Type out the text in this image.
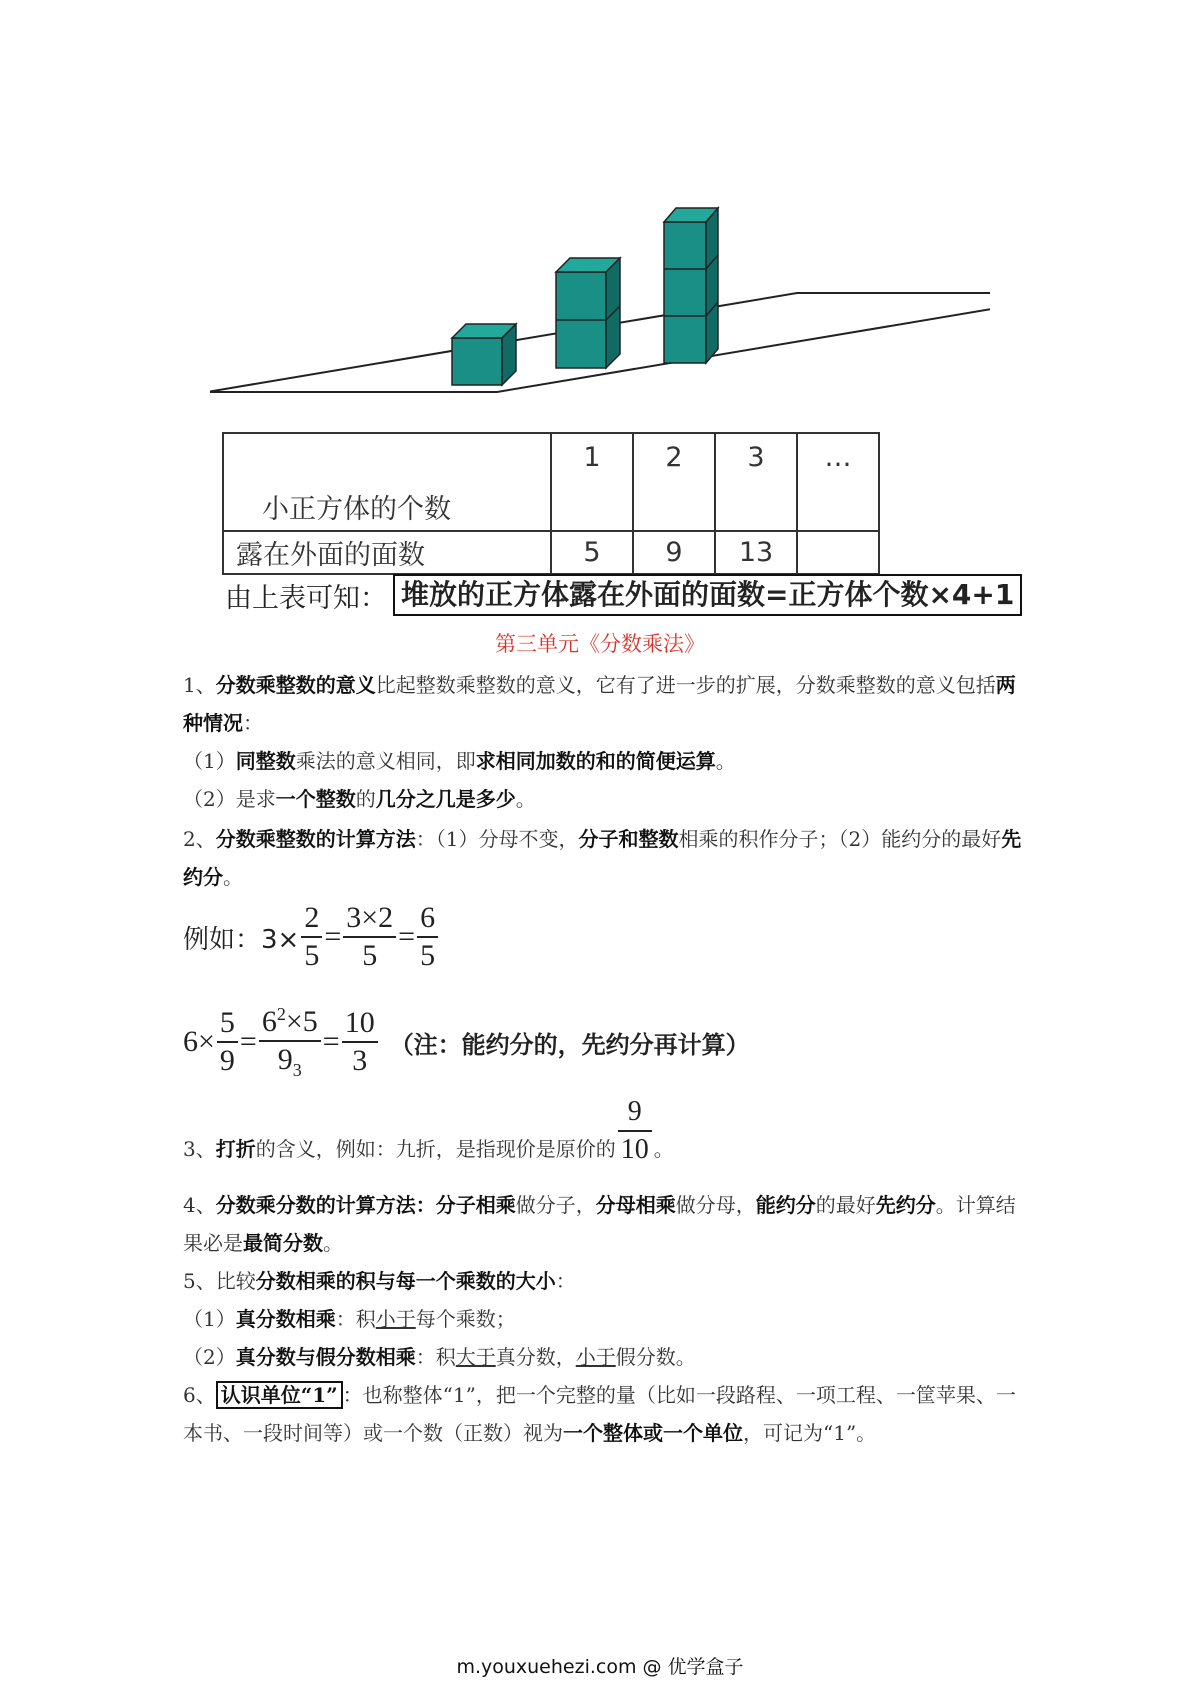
小正方体的个数	1	2	3	…
露在外面的面数	5	9	13	
由上表可知： 堆放的正方体露在外面的面数=正方体个数×4+1
第三单元《分数乘法》
1、分数乘整数的意义比起整数乘整数的意义，它有了进一步的扩展，分数乘整数的意义包括两种情况：
（1）同整数乘法的意义相同，即求相同加数的和的简便运算。
（2）是求一个整数的几分之几是多少。
2、分数乘整数的计算方法：（1）分母不变，分子和整数相乘的积作分子；（2）能约分的最好先约分。
例如：$3\times \frac{2}{5} = \frac{3\times 2}{5} = \frac{6}{5}$
$6\times \frac{5}{9} = \frac{6^2\times 5}{9_3} = \frac{10}{3}$ （注：能约分的，先约分再计算）
3、 打折 的含义，例如：九折，是指现价是原价的 $\frac{9}{10}$ 。
4、分数乘分数的计算方法：分子相乘做分子，分母相乘做分母，能约分的最好先约分。计算结果必是最简分数。
5、比较分数相乘的积与每一个乘数的大小：
（1）真分数相乘：积小于每个乘数；
（2）真分数与假分数相乘：积大于真分数，小于假分数。
6、 认识单位“1” ：也称整体“1”，把一个完整的量（比如一段路程、一项工程、一筐苹果、一本书、一段时间等）或一个数（正数）视为一个整体或一个单位，可记为“1”。
m.youxuehezi.com @ 优学盒子
